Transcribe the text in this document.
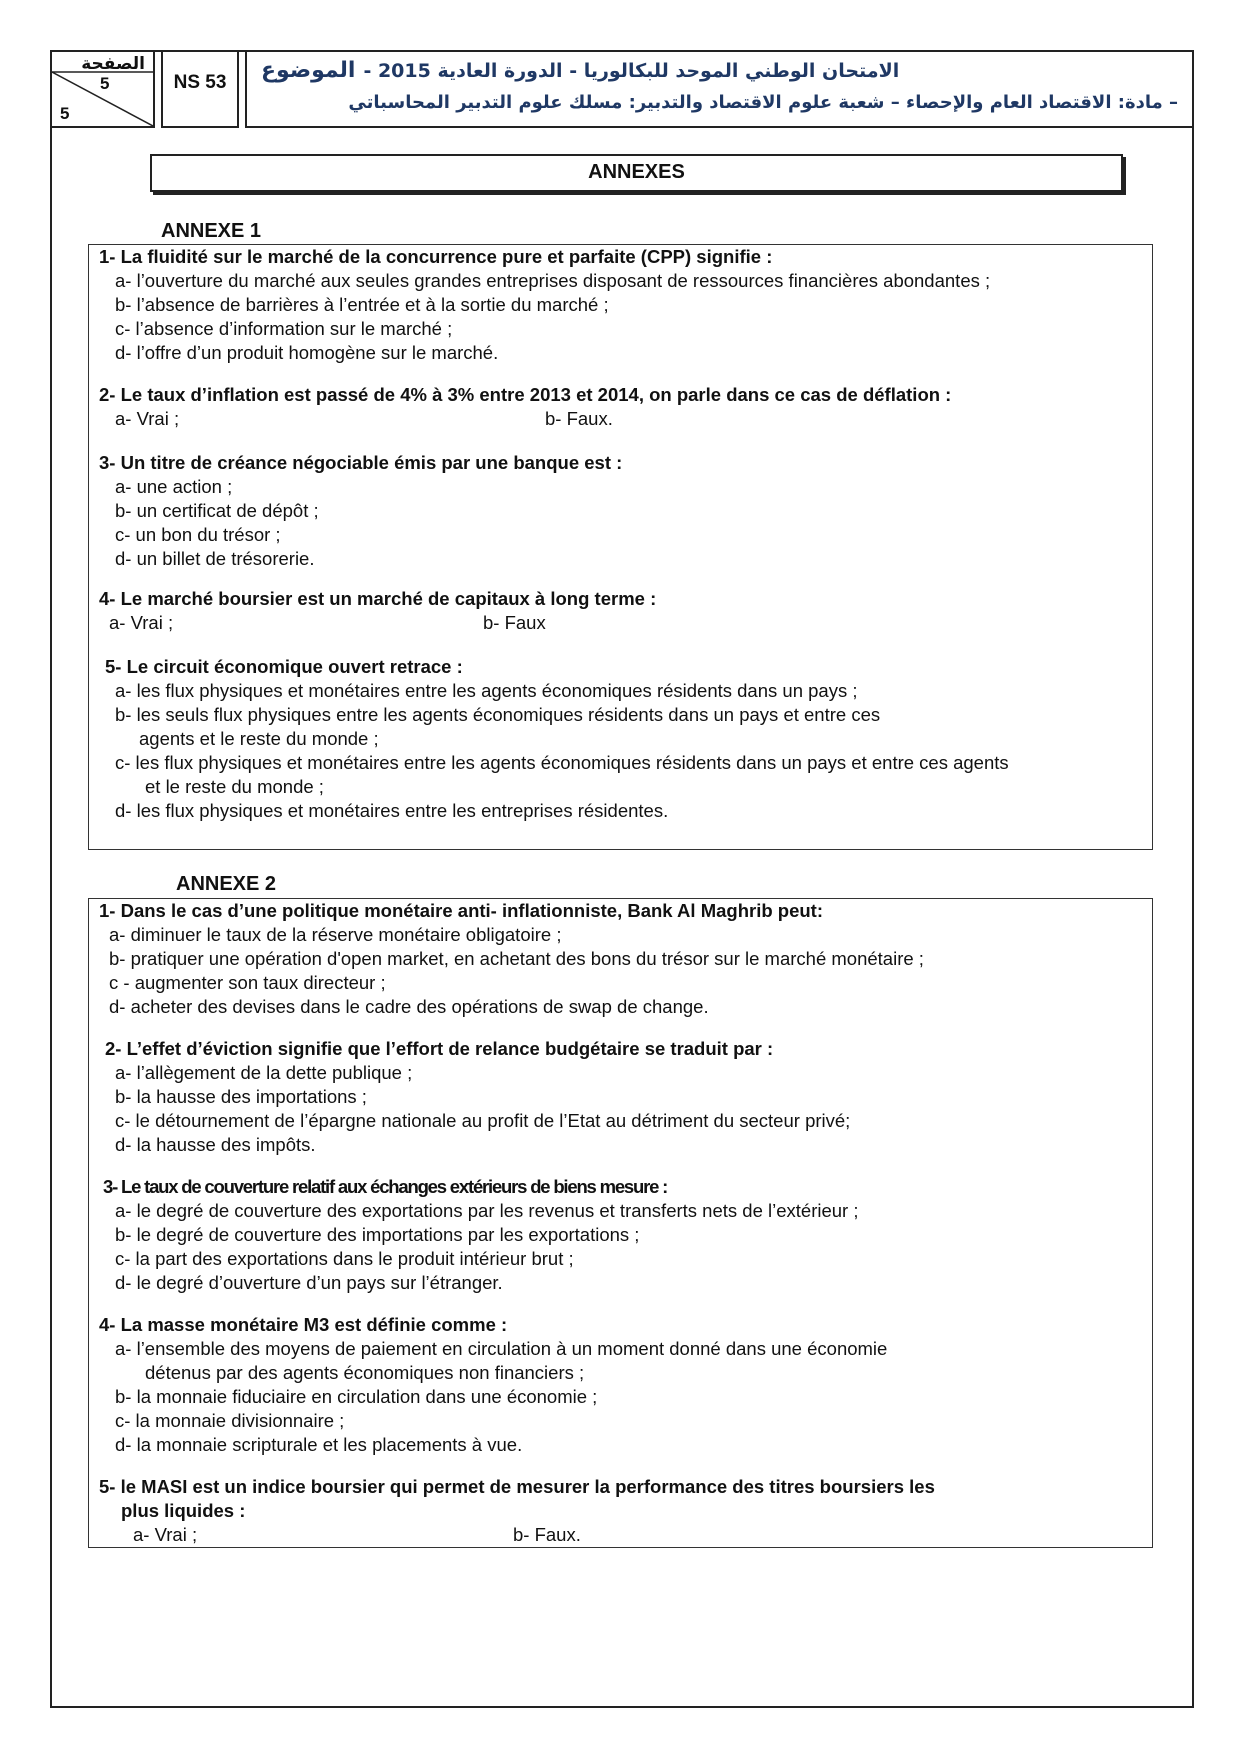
الصفحة
5
5
NS 53
الامتحان الوطني الموحد للبكالوريا - الدورة العادية 2015 -
الموضوع
– مادة: الاقتصاد العام والإحصاء – شعبة علوم الاقتصاد والتدبير: مسلك علوم التدبير المحاسباتي
ANNEXES
ANNEXE 1
1- La fluidité sur le marché de la concurrence pure et parfaite (CPP) signifie :
a- l’ouverture du marché aux seules grandes entreprises disposant de ressources financières abondantes ;
b- l’absence de barrières à l’entrée et à la sortie du marché ;
c- l’absence d’information sur le marché ;
d- l’offre d’un produit homogène sur le marché.
2- Le taux d’inflation est passé de 4% à 3% entre 2013 et 2014, on parle dans ce cas de déflation :
a- Vrai ;	b- Faux.
3- Un titre de créance négociable émis par une banque est :
a- une action ;
b- un certificat de dépôt ;
c- un bon du trésor ;
d- un billet de trésorerie.
4- Le marché boursier est un marché de capitaux à long terme :
a- Vrai ;	b- Faux
5- Le circuit économique ouvert retrace :
a- les flux physiques et monétaires entre les agents économiques résidents dans un pays ;
b- les seuls flux physiques entre les agents économiques résidents dans un pays et entre ces
agents et le reste du monde ;
c- les flux physiques et monétaires entre les agents économiques résidents dans un pays et entre ces agents
et le reste du monde ;
d- les flux physiques et monétaires entre les entreprises résidentes.
ANNEXE 2
1- Dans le cas d’une politique monétaire anti- inflationniste, Bank Al Maghrib peut:
a- diminuer le taux de la réserve monétaire obligatoire ;
b- pratiquer une opération d'open market, en achetant des bons du trésor sur le marché monétaire ;
c - augmenter son taux directeur ;
d- acheter des devises dans le cadre des opérations de swap de change.
2- L’effet d’éviction signifie que l’effort de relance budgétaire se traduit par :
a- l’allègement de la dette publique ;
b- la hausse des importations ;
c- le détournement de l’épargne nationale au profit de l’Etat au détriment du secteur privé;
d- la hausse des impôts.
3- Le taux de couverture relatif aux échanges extérieurs de biens mesure :
a- le degré de couverture des exportations par les revenus et transferts nets de l’extérieur ;
b- le degré de couverture des importations par les exportations ;
c- la part des exportations dans le produit intérieur brut ;
d- le degré d’ouverture d’un pays sur l’étranger.
4- La masse monétaire M3 est définie comme :
a- l’ensemble des moyens de paiement en circulation à un moment donné dans une économie
détenus par des agents économiques non financiers ;
b- la monnaie fiduciaire en circulation dans une économie ;
c- la monnaie divisionnaire ;
d- la monnaie scripturale et les placements à vue.
5- le MASI est un indice boursier qui permet de mesurer la performance des titres boursiers les
plus liquides :
a- Vrai ;	b- Faux.
